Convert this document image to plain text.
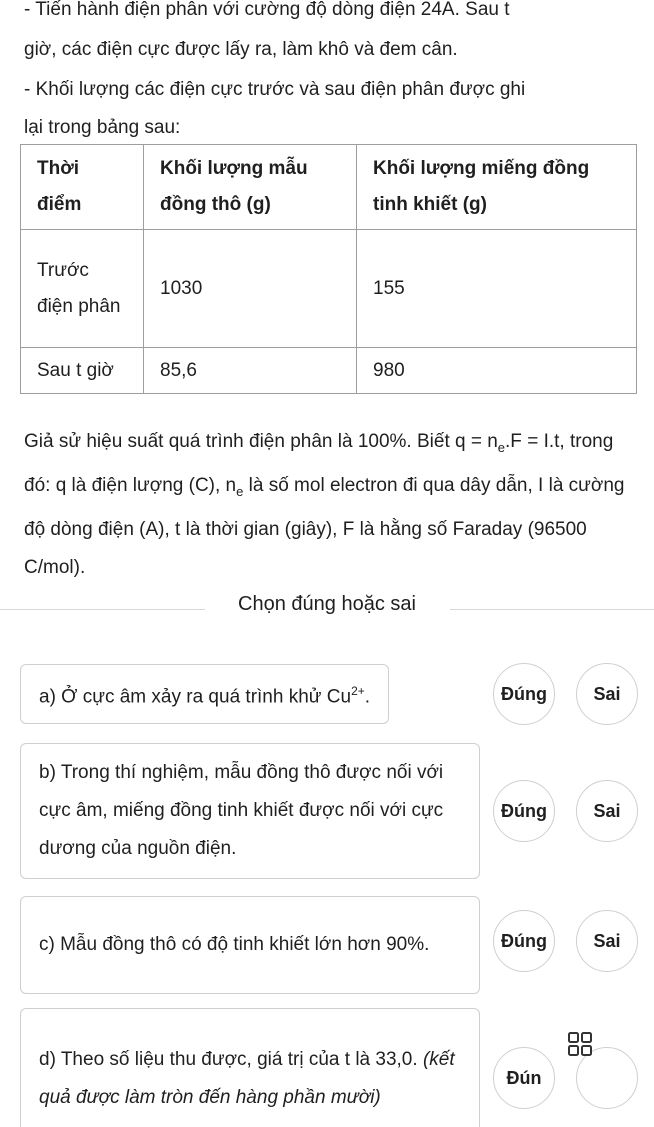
- Tiến hành điện phân với cường độ dòng điện 24A. Sau t

giờ, các điện cực được lấy ra, làm khô và đem cân.

- Khối lượng các điện cực trước và sau điện phân được ghi

lại trong bảng sau:

Thời điểm	Khối lượng mẫu đồng thô (g)	Khối lượng miếng đồng tinh khiết (g)
Trước điện phân	1030	155
Sau t giờ	85,6	980

Giả sử hiệu suất quá trình điện phân là 100%. Biết $q = n_e.F = I.t$, trong đó: q là điện lượng (C), $n_e$ là số mol electron đi qua dây dẫn, I là cường độ dòng điện (A), t là thời gian (giây), F là hằng số Faraday (96500 C/mol).

Chọn đúng hoặc sai
a) Ở cực âm xảy ra quá trình khử $Cu^{2+}$.	Đúng	Sai
b) Trong thí nghiệm, mẫu đồng thô được nối với cực âm, miếng đồng tinh khiết được nối với cực dương của nguồn điện.
Đúng	Sai
c) Mẫu đồng thô có độ tinh khiết lớn hơn 90%.	Đúng	Sai
d) Theo số liệu thu được, giá trị của t là 33,0. (kết quả được làm tròn đến hàng phần mười)
Đún
